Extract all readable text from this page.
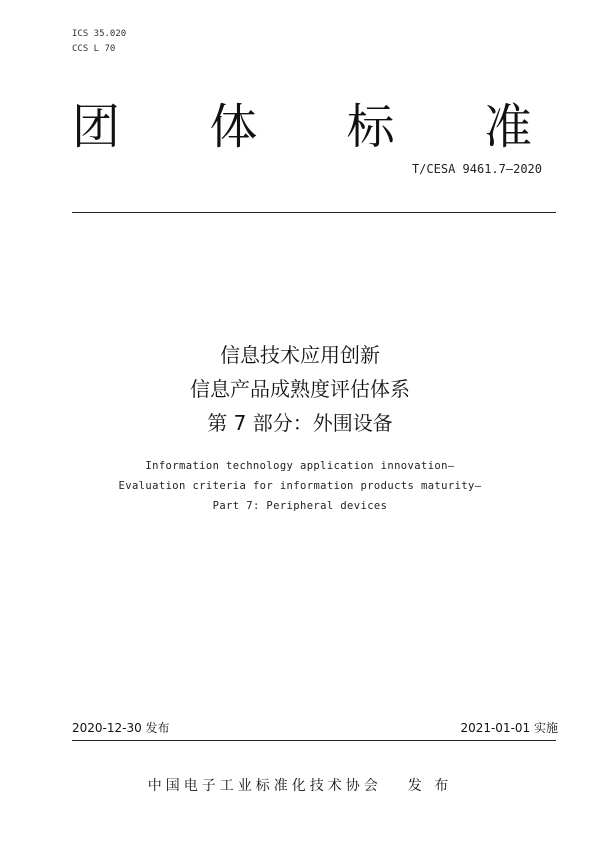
ICS 35.020
CCS L 70
团 体 标 准
T/CESA 9461.7—2020
信息技术应用创新
信息产品成熟度评估体系
第 7 部分：外围设备
Information technology application innovation—
Evaluation criteria for information products maturity—
Part 7: Peripheral devices
2020-12-30 发布	2021-01-01 实施
中国电子工业标准化技术协会 发 布
